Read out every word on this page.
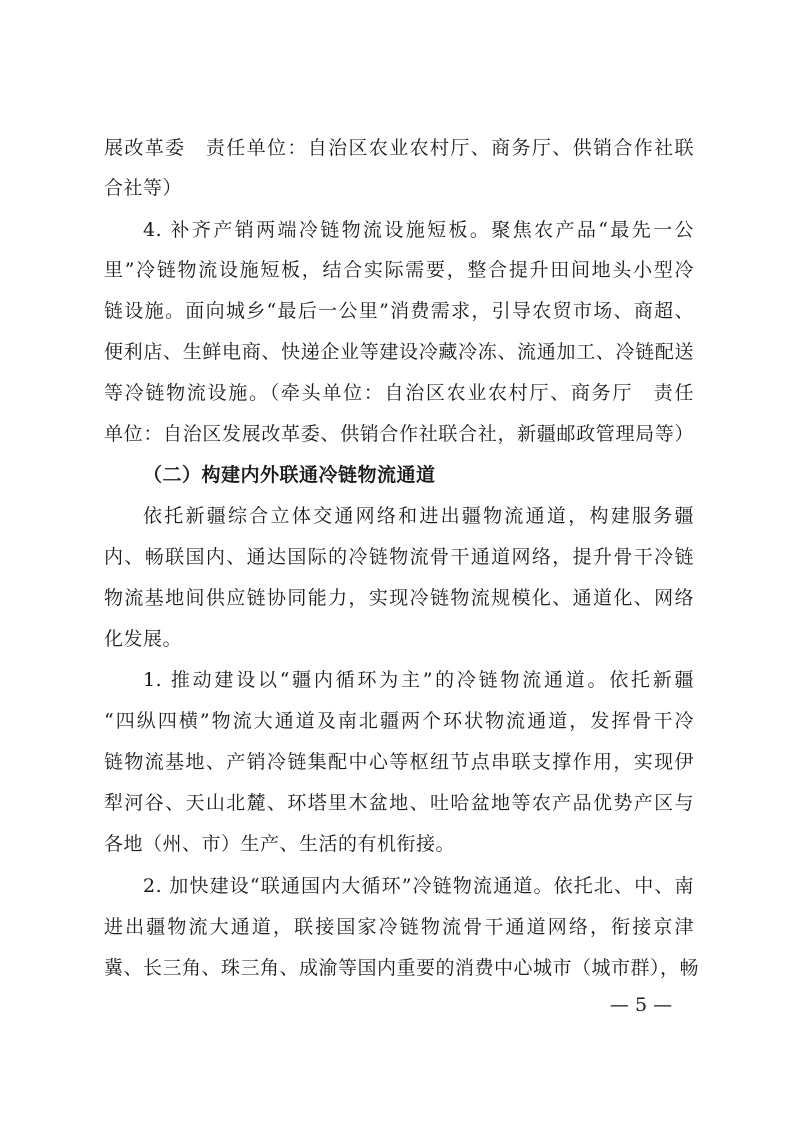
展改革委　责任单位：自治区农业农村厅、商务厅、供销合作社联
合社等）
4. 补齐产销两端冷链物流设施短板。聚焦农产品“最先一公
里”冷链物流设施短板，结合实际需要，整合提升田间地头小型冷
链设施。面向城乡“最后一公里”消费需求，引导农贸市场、商超、
便利店、生鲜电商、快递企业等建设冷藏冷冻、流通加工、冷链配送
等冷链物流设施。（牵头单位：自治区农业农村厅、商务厅　责任
单位：自治区发展改革委、供销合作社联合社，新疆邮政管理局等）
（二）构建内外联通冷链物流通道
依托新疆综合立体交通网络和进出疆物流通道，构建服务疆
内、畅联国内、通达国际的冷链物流骨干通道网络，提升骨干冷链
物流基地间供应链协同能力，实现冷链物流规模化、通道化、网络
化发展。
1. 推动建设以“疆内循环为主”的冷链物流通道。依托新疆
“四纵四横”物流大通道及南北疆两个环状物流通道，发挥骨干冷
链物流基地、产销冷链集配中心等枢纽节点串联支撑作用，实现伊
犁河谷、天山北麓、环塔里木盆地、吐哈盆地等农产品优势产区与
各地（州、市）生产、生活的有机衔接。
2. 加快建设“联通国内大循环”冷链物流通道。依托北、中、南
进出疆物流大通道，联接国家冷链物流骨干通道网络，衔接京津
冀、长三角、珠三角、成渝等国内重要的消费中心城市（城市群），畅
— 5 —
